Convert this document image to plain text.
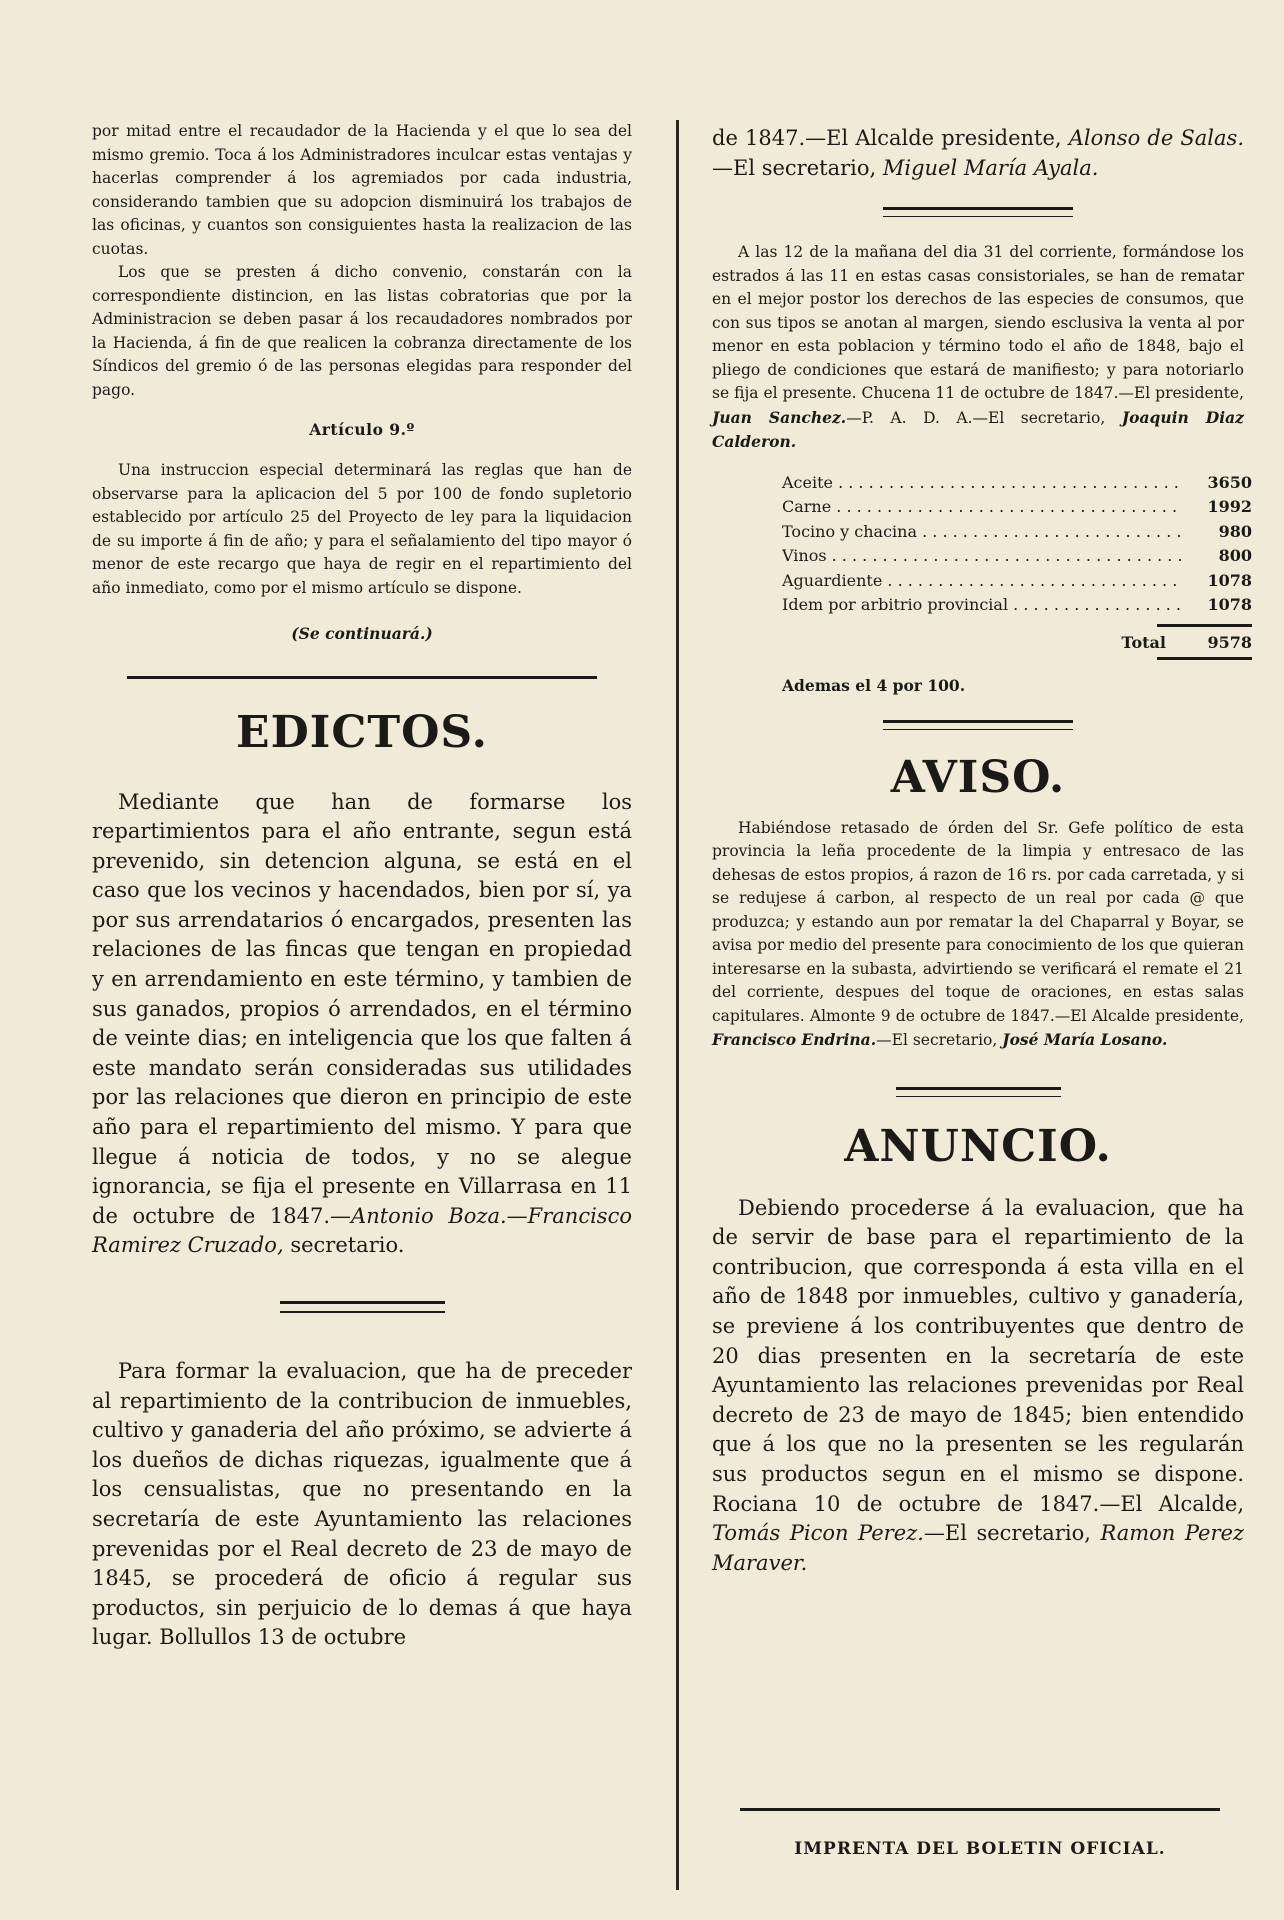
por mitad entre el recaudador de la Hacienda y el que lo sea del mismo gremio. Toca á los Administradores inculcar estas ventajas y hacerlas comprender á los agremiados por cada industria, considerando tambien que su adopcion disminuirá los trabajos de las oficinas, y cuantos son consiguientes hasta la realizacion de las cuotas.

Los que se presten á dicho convenio, constarán con la correspondiente distincion, en las listas cobratorias que por la Administracion se deben pasar á los recaudadores nombrados por la Hacienda, á fin de que realicen la cobranza directamente de los Síndicos del gremio ó de las personas elegidas para responder del pago.

Artículo 9.º

Una instruccion especial determinará las reglas que han de observarse para la aplicacion del 5 por 100 de fondo supletorio establecido por artículo 25 del Proyecto de ley para la liquidacion de su importe á fin de año; y para el señalamiento del tipo mayor ó menor de este recargo que haya de regir en el repartimiento del año inmediato, como por el mismo artículo se dispone.

(Se continuará.)
EDICTOS.

Mediante que han de formarse los repartimientos para el año entrante, segun está prevenido, sin detencion alguna, se está en el caso que los vecinos y hacendados, bien por sí, ya por sus arrendatarios ó encargados, presenten las relaciones de las fincas que tengan en propiedad y en arrendamiento en este término, y tambien de sus ganados, propios ó arrendados, en el término de veinte dias; en inteligencia que los que falten á este mandato serán consideradas sus utilidades por las relaciones que dieron en principio de este año para el repartimiento del mismo. Y para que llegue á noticia de todos, y no se alegue ignorancia, se fija el presente en Villarrasa en 11 de octubre de 1847.—Antonio Boza.—Francisco Ramirez Cruzado, secretario.

Para formar la evaluacion, que ha de preceder al repartimiento de la contribucion de inmuebles, cultivo y ganaderia del año próximo, se advierte á los dueños de dichas riquezas, igualmente que á los censualistas, que no presentando en la secretaría de este Ayuntamiento las relaciones prevenidas por el Real decreto de 23 de mayo de 1845, se procederá de oficio á regular sus productos, sin perjuicio de lo demas á que haya lugar. Bollullos 13 de octubre

de 1847.—El Alcalde presidente, Alonso de Salas.—El secretario, Miguel María Ayala.

A las 12 de la mañana del dia 31 del corriente, formándose los estrados á las 11 en estas casas consistoriales, se han de rematar en el mejor postor los derechos de las especies de consumos, que con sus tipos se anotan al margen, siendo esclusiva la venta al por menor en esta poblacion y término todo el año de 1848, bajo el pliego de condiciones que estará de manifiesto; y para notoriarlo se fija el presente. Chucena 11 de octubre de 1847.—El presidente, Juan Sanchez.—P. A. D. A.—El secretario, Joaquin Diaz Calderon.

Aceite . . .	3650
Carne . . .	1992
Tocino y chacina . . .	980
Vinos . . .	800
Aguardiente . . .	1078
Idem por arbitrio provincial . . .	1078
Total	9578
Ademas el 4 por 100.
AVISO.

Habiéndose retasado de órden del Sr. Gefe político de esta provincia la leña procedente de la limpia y entresaco de las dehesas de estos propios, á razon de 16 rs. por cada carretada, y si se redujese á carbon, al respecto de un real por cada @ que produzca; y estando aun por rematar la del Chaparral y Boyar, se avisa por medio del presente para conocimiento de los que quieran interesarse en la subasta, advirtiendo se verificará el remate el 21 del corriente, despues del toque de oraciones, en estas salas capitulares. Almonte 9 de octubre de 1847.—El Alcalde presidente, Francisco Endrina.—El secretario, José María Losano.

ANUNCIO.

Debiendo procederse á la evaluacion, que ha de servir de base para el repartimiento de la contribucion, que corresponda á esta villa en el año de 1848 por inmuebles, cultivo y ganadería, se previene á los contribuyentes que dentro de 20 dias presenten en la secretaría de este Ayuntamiento las relaciones prevenidas por Real decreto de 23 de mayo de 1845; bien entendido que á los que no la presenten se les regularán sus productos segun en el mismo se dispone. Rociana 10 de octubre de 1847.—El Alcalde, Tomás Picon Perez.—El secretario, Ramon Perez Maraver.

IMPRENTA DEL BOLETIN OFICIAL.
